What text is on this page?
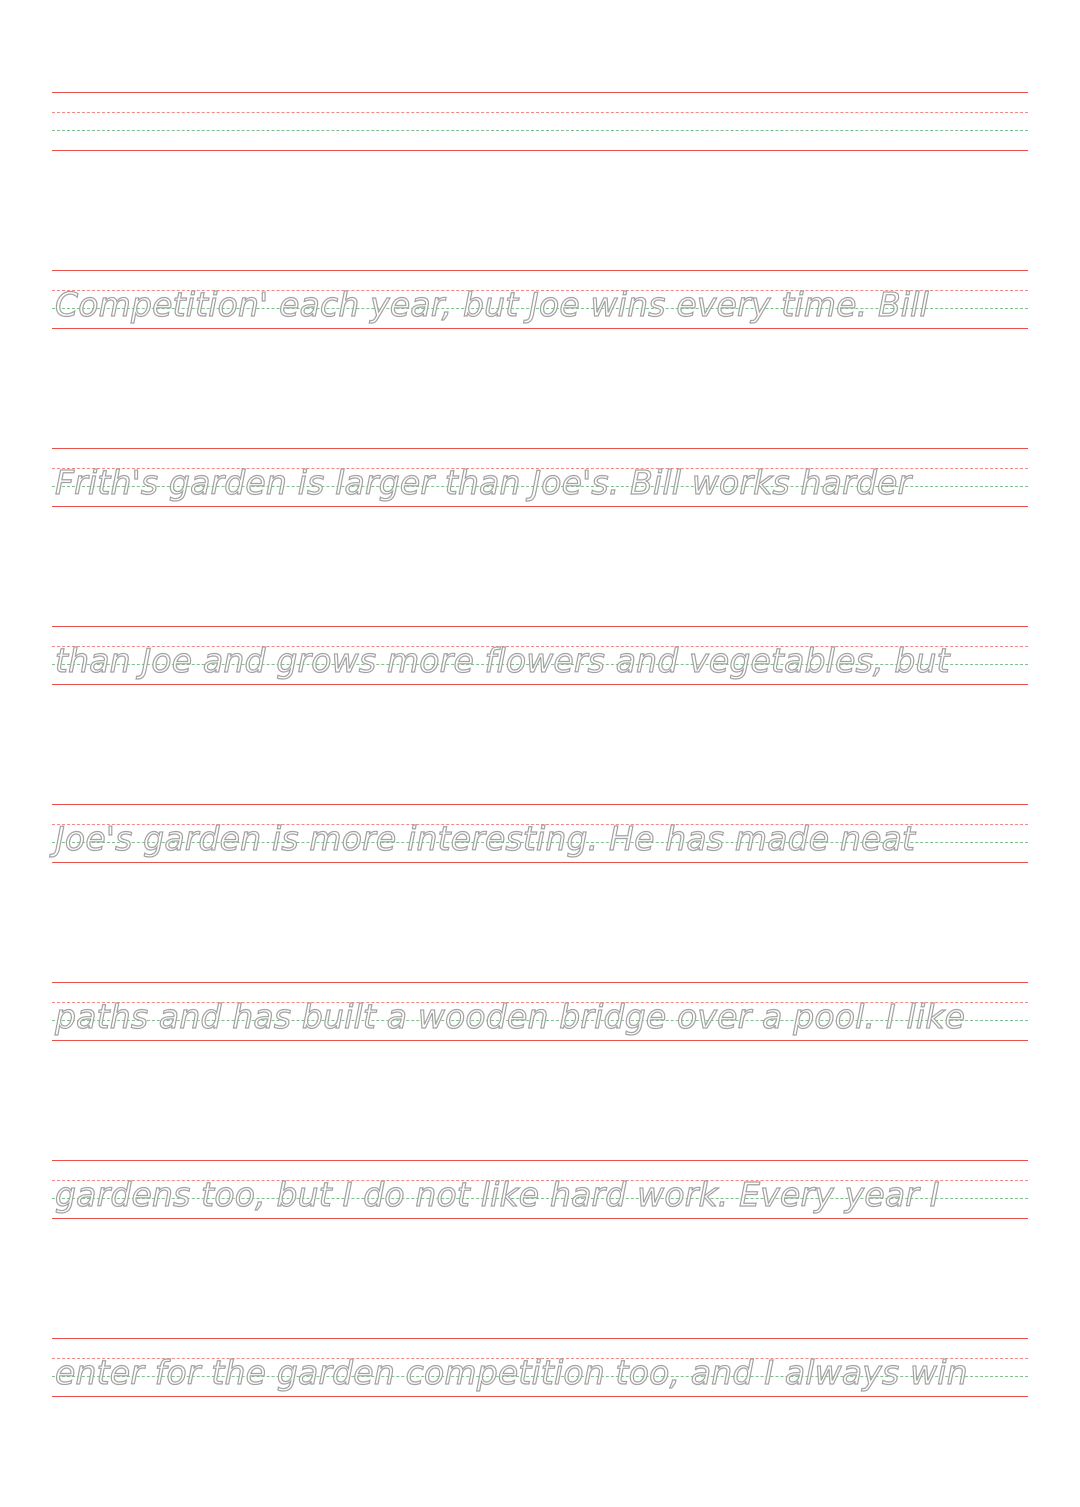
Competition' each year, but Joe wins every time. Bill

Frith's garden is larger than Joe's. Bill works harder

than Joe and grows more flowers and vegetables, but

Joe's garden is more interesting. He has made neat

paths and has built a wooden bridge over a pool. I like

gardens too, but I do not like hard work. Every year I

enter for the garden competition too, and I always win
